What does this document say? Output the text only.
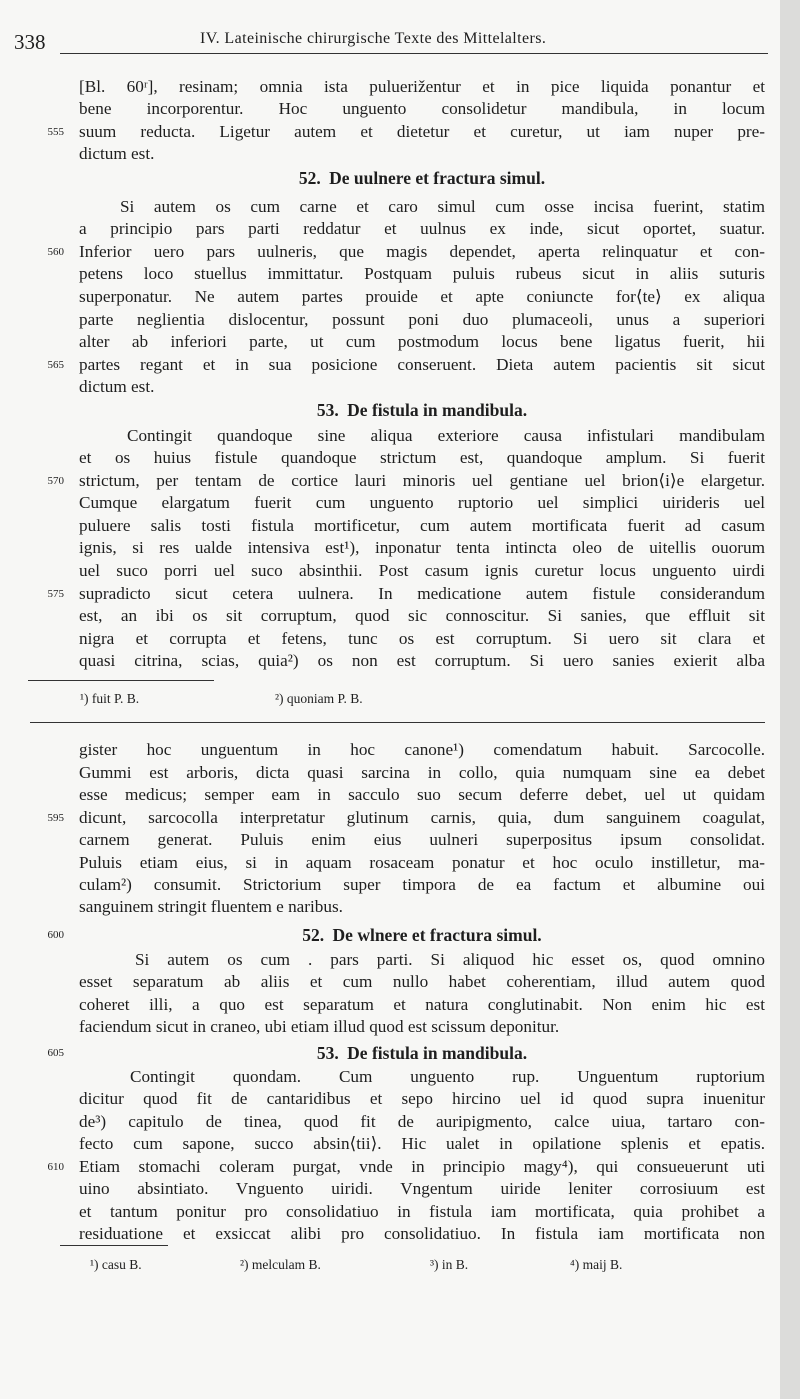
338	IV. Lateinische chirurgische Texte des Mittelalters.
[Bl. 60ʳ], resinam; omnia ista puluerižentur et in pice liquida ponantur et
bene incorporentur. Hoc unguento consolidetur mandibula, in locum
555 suum reducta. Ligetur autem et dietetur et curetur, ut iam nuper pre-
dictum est.
52. De uulnere et fractura simul.
Si autem os cum carne et caro simul cum osse incisa fuerint, statim
a principio pars parti reddatur et uulnus ex inde, sicut oportet, suatur.
560 Inferior uero pars uulneris, que magis dependet, aperta relinquatur et con-
petens loco stuellus immittatur. Postquam puluis rubeus sicut in aliis suturis
superponatur. Ne autem partes prouide et apte coniuncte for⟨te⟩ ex aliqua
parte neglientia dislocentur, possunt poni duo plumaceoli, unus a superiori
alter ab inferiori parte, ut cum postmodum locus bene ligatus fuerit, hii
565 partes regant et in sua posicione conseruent. Dieta autem pacientis sit sicut
dictum est.
53. De fistula in mandibula.
Contingit quandoque sine aliqua exteriore causa infistulari mandibulam
et os huius fistule quandoque strictum est, quandoque amplum. Si fuerit
570 strictum, per tentam de cortice lauri minoris uel gentiane uel brion⟨i⟩e elargetur.
Cumque elargatum fuerit cum unguento ruptorio uel simplici uirideris uel
puluere salis tosti fistula mortificetur, cum autem mortificata fuerit ad casum
ignis, si res ualde intensiva est¹), inponatur tenta intincta oleo de uitellis ouorum
uel suco porri uel suco absinthii. Post casum ignis curetur locus unguento uirdi
575 supradicto sicut cetera uulnera. In medicatione autem fistule considerandum
est, an ibi os sit corruptum, quod sic connoscitur. Si sanies, que effluit sit
nigra et corrupta et fetens, tunc os est corruptum. Si uero sit clara et
quasi citrina, scias, quia²) os non est corruptum. Si uero sanies exierit alba
¹) fuit P. B.	²) quoniam P. B.
gister hoc unguentum in hoc canone¹) comendatum habuit. Sarcocolle.
Gummi est arboris, dicta quasi sarcina in collo, quia numquam sine ea debet
esse medicus; semper eam in sacculo suo secum deferre debet, uel ut quidam
595 dicunt, sarcocolla interpretatur glutinum carnis, quia, dum sanguinem coagulat,
carnem generat. Puluis enim eius uulneri superpositus ipsum consolidat.
Puluis etiam eius, si in aquam rosaceam ponatur et hoc oculo instilletur, ma-
culam²) consumit. Strictorium super timpora de ea factum et albumine oui
sanguinem stringit fluentem e naribus.
600	52. De wlnere et fractura simul.
Si autem os cum . pars parti. Si aliquod hic esset os, quod omnino
esset separatum ab aliis et cum nullo habet coherentiam, illud autem quod
coheret illi, a quo est separatum et natura conglutinabit. Non enim hic est
faciendum sicut in craneo, ubi etiam illud quod est scissum deponitur.
605	53. De fistula in mandibula.
Contingit quondam. Cum unguento rup. Unguentum ruptorium
dicitur quod fit de cantaridibus et sepo hircino uel id quod supra inuenitur
de³) capitulo de tinea, quod fit de auripigmento, calce uiua, tartaro con-
fecto cum sapone, succo absin⟨tii⟩. Hic ualet in opilatione splenis et epatis.
610 Etiam stomachi coleram purgat, vnde in principio magy⁴), qui consueuerunt uti
uino absintiato. Vnguento uiridi. Vngentum uiride leniter corrosiuum est
et tantum ponitur pro consolidatiuo in fistula iam mortificata, quia prohibet a
residuatione et exsiccat alibi pro consolidatiuo. In fistula iam mortificata non
¹) casu B.	²) melculam B.	³) in B.	⁴) maij B.
